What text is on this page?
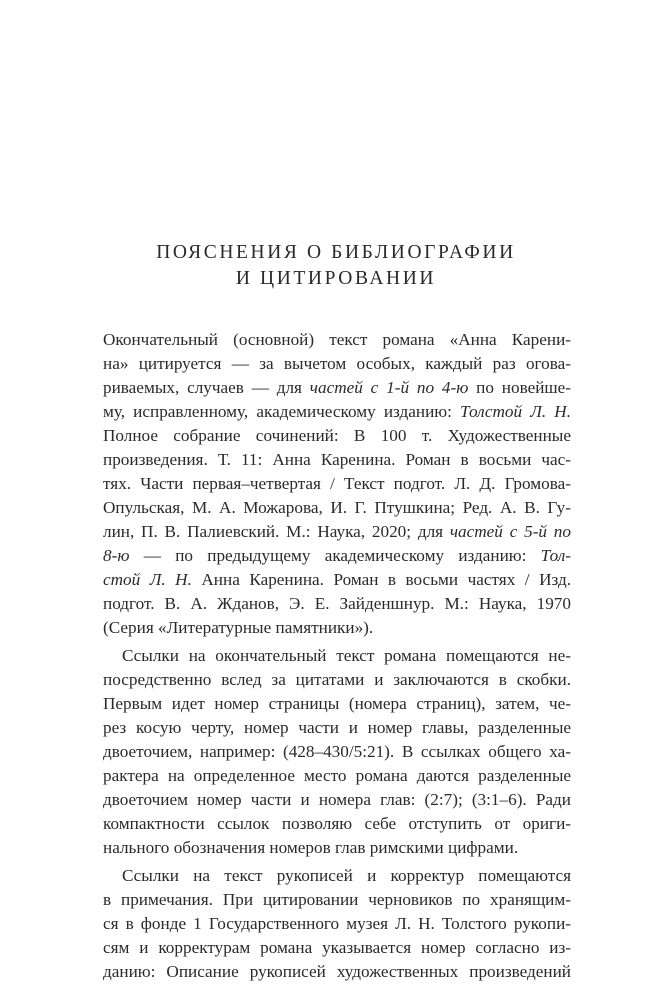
ПОЯСНЕНИЯ О БИБЛИОГРАФИИ
И ЦИТИРОВАНИИ
Окончательный (основной) текст романа «Анна Карени-
на» цитируется — за вычетом особых, каждый раз огова-
риваемых, случаев — для частей с 1-й по 4-ю по новейше-
му, исправленному, академическому изданию: Толстой Л. Н.
Полное собрание сочинений: В 100 т. Художественные
произведения. Т. 11: Анна Каренина. Роман в восьми час-
тях. Части первая–четвертая / Текст подгот. Л. Д. Громова-
Опульская, М. А. Можарова, И. Г. Птушкина; Ред. А. В. Гу-
лин, П. В. Палиевский. М.: Наука, 2020; для частей с 5-й по
8-ю — по предыдущему академическому изданию: Тол-
стой Л. Н. Анна Каренина. Роман в восьми частях / Изд.
подгот. В. А. Жданов, Э. Е. Зайденшнур. М.: Наука, 1970
(Серия «Литературные памятники»).
Ссылки на окончательный текст романа помещаются не-
посредственно вслед за цитатами и заключаются в скобки.
Первым идет номер страницы (номера страниц), затем, че-
рез косую черту, номер части и номер главы, разделенные
двоеточием, например: (428–430/5:21). В ссылках общего ха-
рактера на определенное место романа даются разделенные
двоеточием номер части и номера глав: (2:7); (3:1–6). Ради
компактности ссылок позволяю себе отступить от ориги-
нального обозначения номеров глав римскими цифрами.
Ссылки на текст рукописей и корректур помещаются
в примечания. При цитировании черновиков по хранящим-
ся в фонде 1 Государственного музея Л. Н. Толстого рукопи-
сям и корректурам романа указывается номер согласно из-
данию: Описание рукописей художественных произведений
